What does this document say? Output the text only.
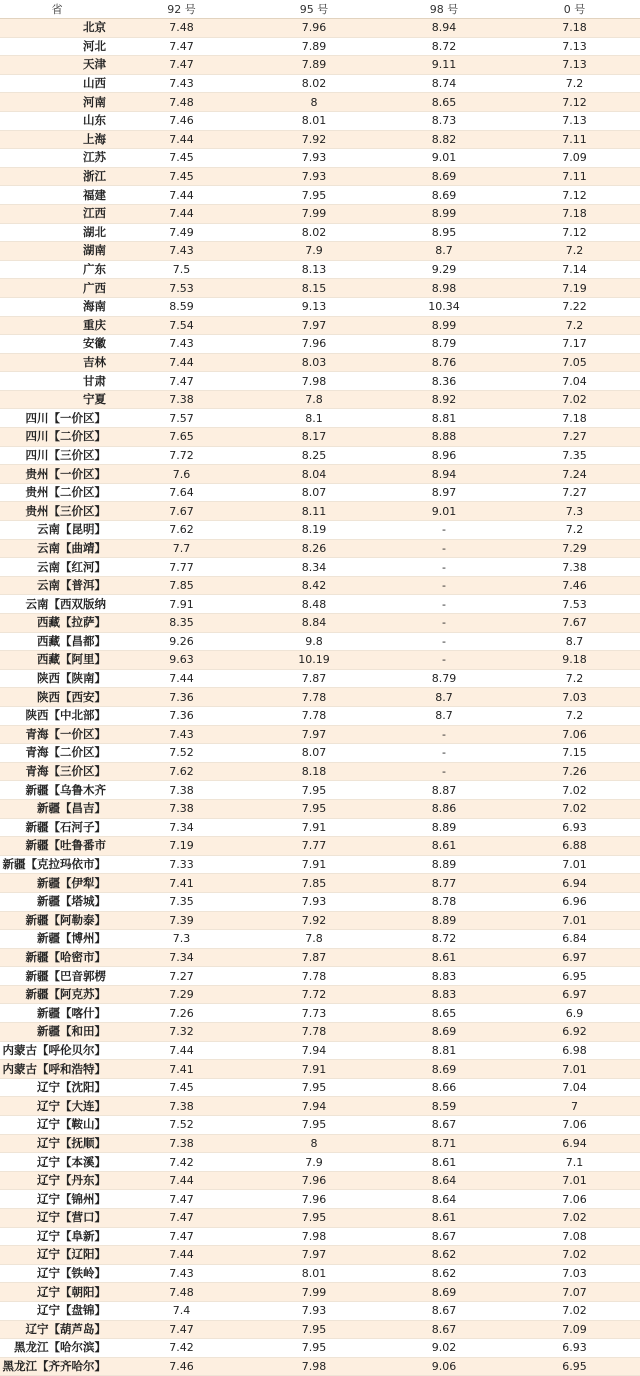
省	92 号	95 号	98 号	0 号
北京	7.48	7.96	8.94	7.18
河北	7.47	7.89	8.72	7.13
天津	7.47	7.89	9.11	7.13
山西	7.43	8.02	8.74	7.2
河南	7.48	8	8.65	7.12
山东	7.46	8.01	8.73	7.13
上海	7.44	7.92	8.82	7.11
江苏	7.45	7.93	9.01	7.09
浙江	7.45	7.93	8.69	7.11
福建	7.44	7.95	8.69	7.12
江西	7.44	7.99	8.99	7.18
湖北	7.49	8.02	8.95	7.12
湖南	7.43	7.9	8.7	7.2
广东	7.5	8.13	9.29	7.14
广西	7.53	8.15	8.98	7.19
海南	8.59	9.13	10.34	7.22
重庆	7.54	7.97	8.99	7.2
安徽	7.43	7.96	8.79	7.17
吉林	7.44	8.03	8.76	7.05
甘肃	7.47	7.98	8.36	7.04
宁夏	7.38	7.8	8.92	7.02
四川【一价区】	7.57	8.1	8.81	7.18
四川【二价区】	7.65	8.17	8.88	7.27
四川【三价区】	7.72	8.25	8.96	7.35
贵州【一价区】	7.6	8.04	8.94	7.24
贵州【二价区】	7.64	8.07	8.97	7.27
贵州【三价区】	7.67	8.11	9.01	7.3
云南【昆明】	7.62	8.19	-	7.2
云南【曲靖】	7.7	8.26	-	7.29
云南【红河】	7.77	8.34	-	7.38
云南【普洱】	7.85	8.42	-	7.46
云南【西双版纳	7.91	8.48	-	7.53
西藏【拉萨】	8.35	8.84	-	7.67
西藏【昌都】	9.26	9.8	-	8.7
西藏【阿里】	9.63	10.19	-	9.18
陕西【陕南】	7.44	7.87	8.79	7.2
陕西【西安】	7.36	7.78	8.7	7.03
陕西【中北部】	7.36	7.78	8.7	7.2
青海【一价区】	7.43	7.97	-	7.06
青海【二价区】	7.52	8.07	-	7.15
青海【三价区】	7.62	8.18	-	7.26
新疆【乌鲁木齐	7.38	7.95	8.87	7.02
新疆【昌吉】	7.38	7.95	8.86	7.02
新疆【石河子】	7.34	7.91	8.89	6.93
新疆【吐鲁番市	7.19	7.77	8.61	6.88
新疆【克拉玛依市】	7.33	7.91	8.89	7.01
新疆【伊犁】	7.41	7.85	8.77	6.94
新疆【塔城】	7.35	7.93	8.78	6.96
新疆【阿勒泰】	7.39	7.92	8.89	7.01
新疆【博州】	7.3	7.8	8.72	6.84
新疆【哈密市】	7.34	7.87	8.61	6.97
新疆【巴音郭楞	7.27	7.78	8.83	6.95
新疆【阿克苏】	7.29	7.72	8.83	6.97
新疆【喀什】	7.26	7.73	8.65	6.9
新疆【和田】	7.32	7.78	8.69	6.92
内蒙古【呼伦贝尔】	7.44	7.94	8.81	6.98
内蒙古【呼和浩特】	7.41	7.91	8.69	7.01
辽宁【沈阳】	7.45	7.95	8.66	7.04
辽宁【大连】	7.38	7.94	8.59	7
辽宁【鞍山】	7.52	7.95	8.67	7.06
辽宁【抚顺】	7.38	8	8.71	6.94
辽宁【本溪】	7.42	7.9	8.61	7.1
辽宁【丹东】	7.44	7.96	8.64	7.01
辽宁【锦州】	7.47	7.96	8.64	7.06
辽宁【营口】	7.47	7.95	8.61	7.02
辽宁【阜新】	7.47	7.98	8.67	7.08
辽宁【辽阳】	7.44	7.97	8.62	7.02
辽宁【铁岭】	7.43	8.01	8.62	7.03
辽宁【朝阳】	7.48	7.99	8.69	7.07
辽宁【盘锦】	7.4	7.93	8.67	7.02
辽宁【葫芦岛】	7.47	7.95	8.67	7.09
黑龙江【哈尔滨】	7.42	7.95	9.02	6.93
黑龙江【齐齐哈尔】	7.46	7.98	9.06	6.95
